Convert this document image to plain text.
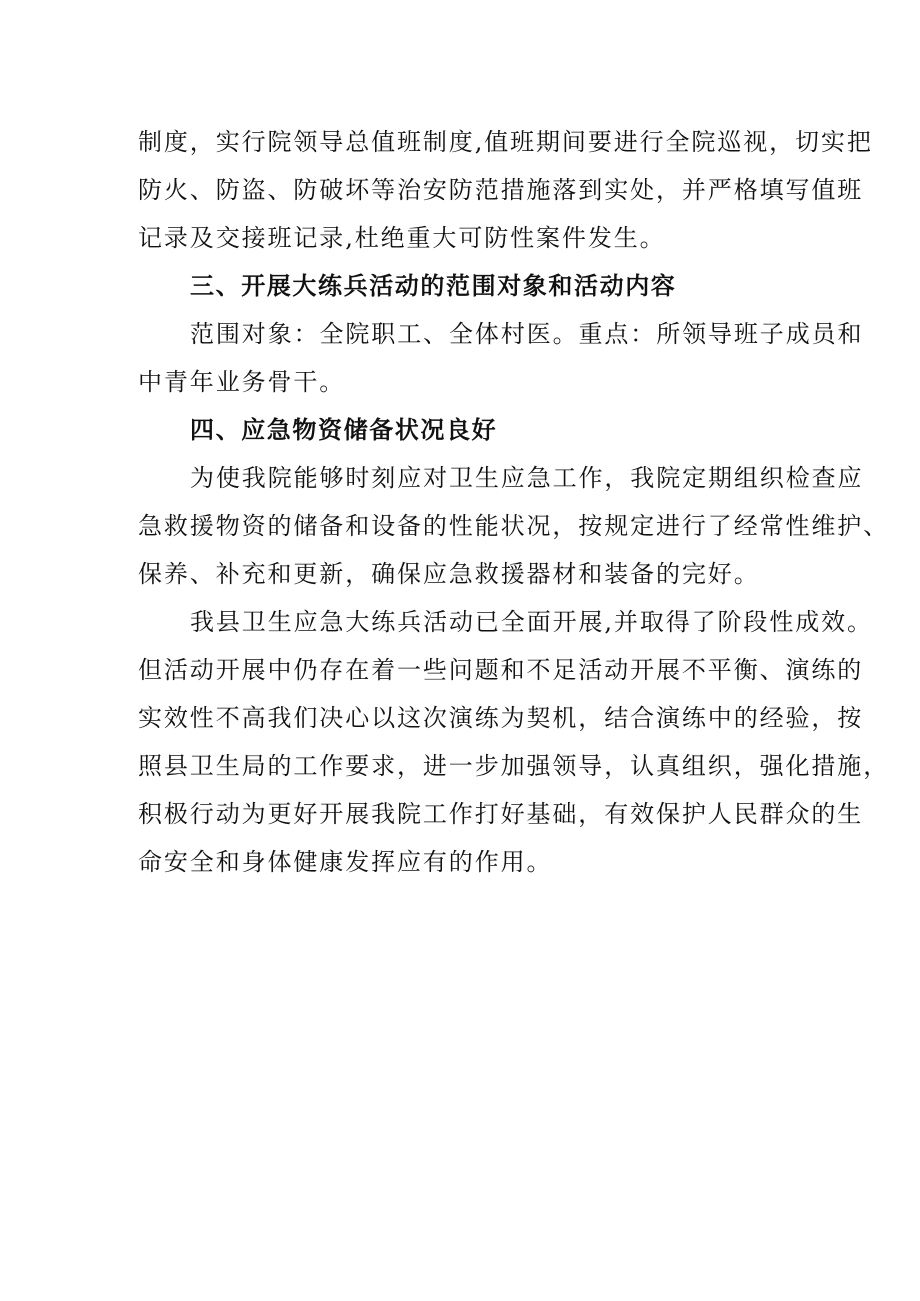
制度，实行院领导总值班制度,值班期间要进行全院巡视，切实把
防火、防盗、防破坏等治安防范措施落到实处，并严格填写值班
记录及交接班记录,杜绝重大可防性案件发生。
三、开展大练兵活动的范围对象和活动内容
范围对象：全院职工、全体村医。重点：所领导班子成员和
中青年业务骨干。
四、应急物资储备状况良好
为使我院能够时刻应对卫生应急工作，我院定期组织检查应
急救援物资的储备和设备的性能状况，按规定进行了经常性维护、
保养、补充和更新，确保应急救援器材和装备的完好。
我县卫生应急大练兵活动已全面开展,并取得了阶段性成效。
但活动开展中仍存在着一些问题和不足活动开展不平衡、演练的
实效性不高我们决心以这次演练为契机，结合演练中的经验，按
照县卫生局的工作要求，进一步加强领导，认真组织，强化措施，
积极行动为更好开展我院工作打好基础，有效保护人民群众的生
命安全和身体健康发挥应有的作用。
